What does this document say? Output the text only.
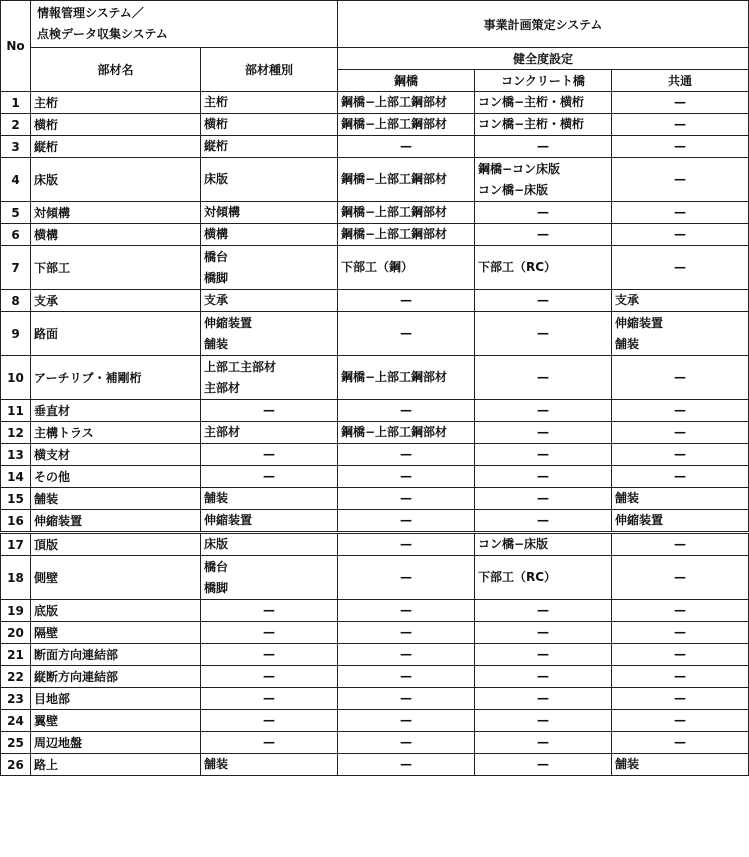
No	情報管理システム／
点検データ収集システム		事業計画策定システム		
	部材名	部材種別	健全度設定		
			鋼橋	コンクリート橋	共通
1	主桁	主桁	鋼橋−上部工鋼部材	コン橋−主桁・横桁	—

2	横桁	横桁	鋼橋−上部工鋼部材	コン橋−主桁・横桁	—

3	縦桁	縦桁	—	—	—

4	床版	床版	鋼橋−上部工鋼部材	鋼橋−コン床版
コン橋−床版	—

5	対傾構	対傾構	鋼橋−上部工鋼部材	—	—

6	横構	横構	鋼橋−上部工鋼部材	—	—

7	下部工	橋台
橋脚	下部工（鋼）	下部工（RC）	—

8	支承	支承	—	—	支承

9	路面	伸縮装置
舗装	—	—	伸縮装置
舗装

10	アーチリブ・補剛桁	上部工主部材
主部材	鋼橋−上部工鋼部材	—	—

11	垂直材	—	—	—	—

12	主構トラス	主部材	鋼橋−上部工鋼部材	—	—

13	横支材	—	—	—	—

14	その他	—	—	—	—

15	舗装	舗装	—	—	舗装

16	伸縮装置	伸縮装置	—	—	伸縮装置

17	頂版	床版	—	コン橋−床版	—

18	側壁	橋台
橋脚	—	下部工（RC）	—

19	底版	—	—	—	—

20	隔壁	—	—	—	—

21	断面方向連結部	—	—	—	—

22	縦断方向連結部	—	—	—	—

23	目地部	—	—	—	—

24	翼壁	—	—	—	—

25	周辺地盤	—	—	—	—

26	路上	舗装	—	—	舗装
